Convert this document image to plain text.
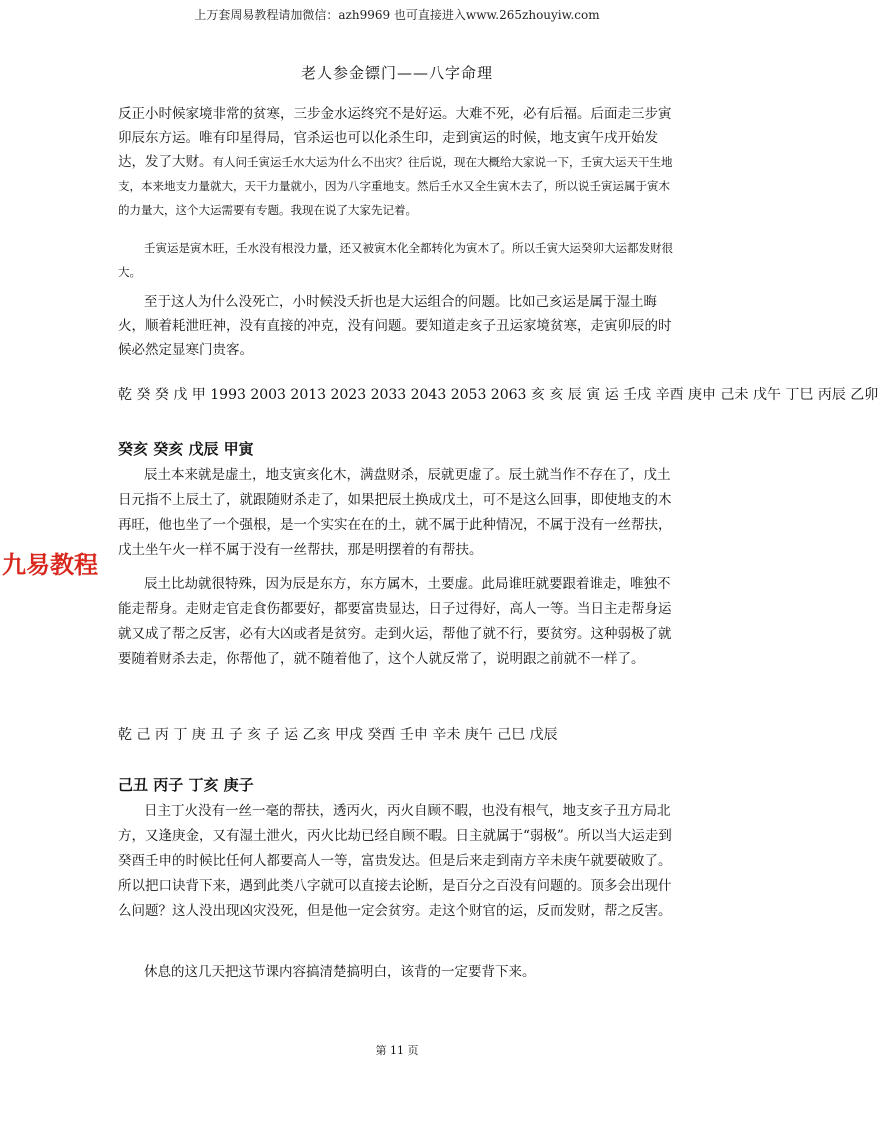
上万套周易教程请加微信：azh9969 也可直接进入www.265zhouyiw.com
老人参金镖门——八字命理
反正小时候家境非常的贫寒，三步金水运终究不是好运。大难不死，必有后福。后面走三步寅卯辰东方运。唯有印星得局，官杀运也可以化杀生印，走到寅运的时候，地支寅午戌开始发达，发了大财。有人问壬寅运壬水大运为什么不出灾？往后说，现在大概给大家说一下，壬寅大运天干生地支，本来地支力量就大，天干力量就小，因为八字重地支。然后壬水又全生寅木去了，所以说壬寅运属于寅木的力量大，这个大运需要有专题。我现在说了大家先记着。

壬寅运是寅木旺，壬水没有根没力量，还又被寅木化全都转化为寅木了。所以壬寅大运癸卯大运都发财很大。

至于这人为什么没死亡，小时候没夭折也是大运组合的问题。比如己亥运是属于湿土晦火，顺着耗泄旺神，没有直接的冲克，没有问题。要知道走亥子丑运家境贫寒，走寅卯辰的时候必然定显寒门贵客。

乾 癸 癸 戊 甲 1993 2003 2013 2023 2033 2043 2053 2063 亥 亥 辰 寅 运 壬戌 辛酉 庚申 己未 戊午 丁巳 丙辰 乙卯
癸亥 癸亥 戊辰 甲寅

辰土本来就是虚土，地支寅亥化木，满盘财杀，辰就更虚了。辰土就当作不存在了，戊土日元指不上辰土了，就跟随财杀走了，如果把辰土换成戊土，可不是这么回事，即使地支的木再旺，他也坐了一个强根，是一个实实在在的土，就不属于此种情况，不属于没有一丝帮扶，戊土坐午火一样不属于没有一丝帮扶，那是明摆着的有帮扶。

辰土比劫就很特殊，因为辰是东方，东方属木，土要虚。此局谁旺就要跟着谁走，唯独不能走帮身。走财走官走食伤都要好，都要富贵显达，日子过得好，高人一等。当日主走帮身运就又成了帮之反害，必有大凶或者是贫穷。走到火运，帮他了就不行，要贫穷。这种弱极了就要随着财杀去走，你帮他了，就不随着他了，这个人就反常了，说明跟之前就不一样了。

九易教程
乾 己 丙 丁 庚 丑 子 亥 子 运 乙亥 甲戌 癸酉 壬申 辛未 庚午 己巳 戊辰
己丑 丙子 丁亥 庚子

日主丁火没有一丝一毫的帮扶，透丙火，丙火自顾不暇，也没有根气，地支亥子丑方局北方，又逢庚金，又有湿土泄火，丙火比劫已经自顾不暇。日主就属于“弱极”。所以当大运走到癸酉壬申的时候比任何人都要高人一等，富贵发达。但是后来走到南方辛未庚午就要破败了。所以把口诀背下来，遇到此类八字就可以直接去论断，是百分之百没有问题的。顶多会出现什么问题？这人没出现凶灾没死，但是他一定会贫穷。走这个财官的运，反而发财，帮之反害。

休息的这几天把这节课内容搞清楚搞明白，该背的一定要背下来。

第 11 页
